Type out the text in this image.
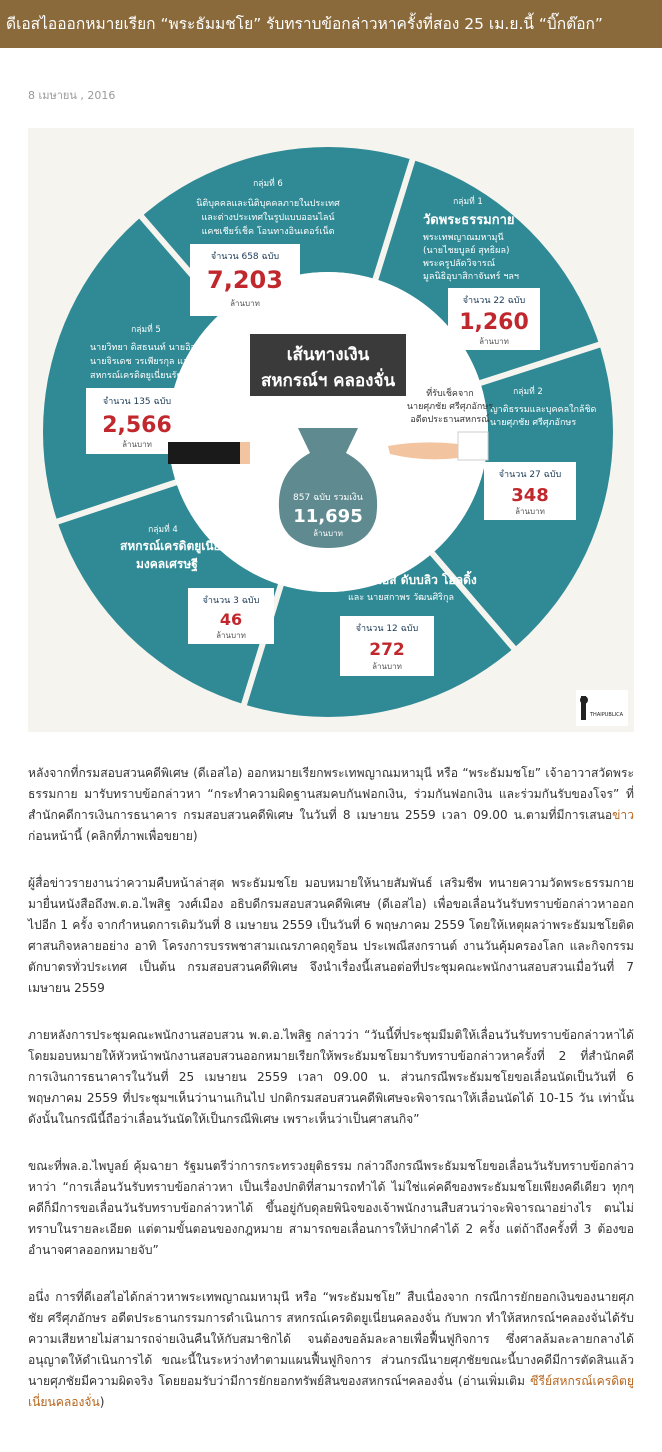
ดีเอสไอออกหมายเรียก “พระธัมมชโย” รับทราบข้อกล่าวหาครั้งที่สอง 25 เม.ย.นี้ “บิ๊กต๊อก”
8 เมษายน , 2016
กลุ่มที่ 6
นิติบุคคลและนิติบุคคลภายในประเทศ
และต่างประเทศในรูปแบบออนไลน์
แคชเชียร์เช็ค โอนทางอินเตอร์เน็ต
จำนวน 658 ฉบับ
7,203
ล้านบาท
กลุ่มที่ 1
วัดพระธรรมกาย
พระเทพญาณมหามุนี
(นายไชยบูลย์ สุทธิผล)
พระครูปลัดวิจารณ์
มูลนิธิอุบาสิกาจันทร์ ฯลฯ
จำนวน 22 ฉบับ
1,260
ล้านบาท
กลุ่มที่ 5
นายวิทยา ดิสธนนท์ นายอิสราวัชร์
นายจิรเดช วรเพียรกุล และ
สหกรณ์เครดิตยูเนี่ยนรัฐประชา
จำนวน 135 ฉบับ
2,566
ล้านบาท
กลุ่มที่ 2
ญาติธรรมและบุคคลใกล้ชิด
นายศุภชัย ศรีศุภอักษร
จำนวน 27 ฉบับ
348
ล้านบาท
กลุ่มที่ 4
สหกรณ์เครดิตยูเนี่ยน
มงคลเศรษฐี
จำนวน 3 ฉบับ
46
ล้านบาท
กลุ่มที่ 3
บริษัทเอส ดับบลิว โฮลดิ้ง
และ นายสกาพร วัฒนศิริกุล
จำนวน 12 ฉบับ
272
ล้านบาท
เส้นทางเงิน
สหกรณ์ฯ คลองจั่น
ที่รับเช็คจาก
นายศุภชัย ศรีศุภอักษร
อดีตประธานสหกรณ์
857 ฉบับ รวมเงิน
11,695
ล้านบาท
THAIPUBLICA

หลังจากที่กรมสอบสวนคดีพิเศษ (ดีเอสไอ) ออกหมายเรียกพระเทพญาณมหามุนี หรือ “พระธัมมชโย” เจ้าอาวาสวัดพระธรรมกาย มารับทราบข้อกล่าวหา “กระทำความผิดฐานสมคบกันฟอกเงิน, ร่วมกันฟอกเงิน และร่วมกันรับของโจร” ที่สำนักคดีการเงินการธนาคาร กรมสอบสวนคดีพิเศษ ในวันที่ 8 เมษายน 2559 เวลา 09.00 น.ตามที่มีการเสนอข่าวก่อนหน้านี้ (คลิกที่ภาพเพื่อขยาย)

ผู้สื่อข่าวรายงานว่าความคืบหน้าล่าสุด พระธัมมชโย มอบหมายให้นายสัมพันธ์ เสริมชีพ ทนายความวัดพระธรรมกาย มายื่นหนังสือถึงพ.ต.อ.ไพสิฐ วงศ์เมือง อธิบดีกรมสอบสวนคดีพิเศษ (ดีเอสไอ) เพื่อขอเลื่อนวันรับทราบข้อกล่าวหาออกไปอีก 1 ครั้ง จากกำหนดการเดิมวันที่ 8 เมษายน 2559 เป็นวันที่ 6 พฤษภาคม 2559 โดยให้เหตุผลว่าพระธัมมชโยติดศาสนกิจหลายอย่าง อาทิ โครงการบรรพชาสามเณรภาคฤดูร้อน ประเพณีสงกรานต์ งานวันคุ้มครองโลก และกิจกรรมตักบาตรทั่วประเทศ เป็นต้น กรมสอบสวนคดีพิเศษ จึงนำเรื่องนี้เสนอต่อที่ประชุมคณะพนักงานสอบสวนเมื่อวันที่ 7 เมษายน 2559

ภายหลังการประชุมคณะพนักงานสอบสวน พ.ต.อ.ไพสิฐ กล่าวว่า “วันนี้ที่ประชุมมีมติให้เลื่อนวันรับทราบข้อกล่าวหาได้ โดยมอบหมายให้หัวหน้าพนักงานสอบสวนออกหมายเรียกให้พระธัมมชโยมารับทราบข้อกล่าวหาครั้งที่ 2 ที่สำนักคดีการเงินการธนาคารในวันที่ 25 เมษายน 2559 เวลา 09.00 น. ส่วนกรณีพระธัมมชโยขอเลื่อนนัดเป็นวันที่ 6 พฤษภาคม 2559 ที่ประชุมฯเห็นว่านานเกินไป ปกติกรมสอบสวนคดีพิเศษจะพิจารณาให้เลื่อนนัดได้ 10-15 วัน เท่านั้น ดังนั้นในกรณีนี้ถือว่าเลื่อนวันนัดให้เป็นกรณีพิเศษ เพราะเห็นว่าเป็นศาสนกิจ”

ขณะที่พล.อ.ไพบูลย์ คุ้มฉายา รัฐมนตรีว่าการกระทรวงยุติธรรม กล่าวถึงกรณีพระธัมมชโยขอเลื่อนวันรับทราบข้อกล่าวหาว่า “การเลื่อนวันรับทราบข้อกล่าวหา เป็นเรื่องปกติที่สามารถทำได้ ไม่ใช่แค่คดีของพระธัมมชโยเพียงคดีเดียว ทุกๆคดีก็มีการขอเลื่อนวันรับทราบข้อกล่าวหาได้ ขึ้นอยู่กับดุลยพินิจของเจ้าพนักงานสืบสวนว่าจะพิจารณาอย่างไร ตนไม่ทราบในรายละเอียด แต่ตามขั้นตอนของกฎหมาย สามารถขอเลื่อนการให้ปากคำได้ 2 ครั้ง แต่ถ้าถึงครั้งที่ 3 ต้องขออำนาจศาลออกหมายจับ”

อนึ่ง การที่ดีเอสไอได้กล่าวหาพระเทพญาณมหามุนี หรือ “พระธัมมชโย” สืบเนื่องจาก กรณีการยักยอกเงินของนายศุภชัย ศรีศุภอักษร อดีตประธานกรรมการดำเนินการ สหกรณ์เครดิตยูเนี่ยนคลองจั่น กับพวก ทำให้สหกรณ์ฯคลองจั่นได้รับความเสียหายไม่สามารถจ่ายเงินคืนให้กับสมาชิกได้ จนต้องขอล้มละลายเพื่อฟื้นฟูกิจการ ซึ่งศาลล้มละลายกลางได้อนุญาตให้ดำเนินการได้ ขณะนี้ในระหว่างทำตามแผนฟื้นฟูกิจการ ส่วนกรณีนายศุภชัยขณะนี้บางคดีมีการตัดสินแล้วนายศุภชัยมีความผิดจริง โดยยอมรับว่ามีการยักยอกทรัพย์สินของสหกรณ์ฯคลองจั่น (อ่านเพิ่มเติม ซีรีย์สหกรณ์เครดิตยูเนี่ยนคลองจั่น)
